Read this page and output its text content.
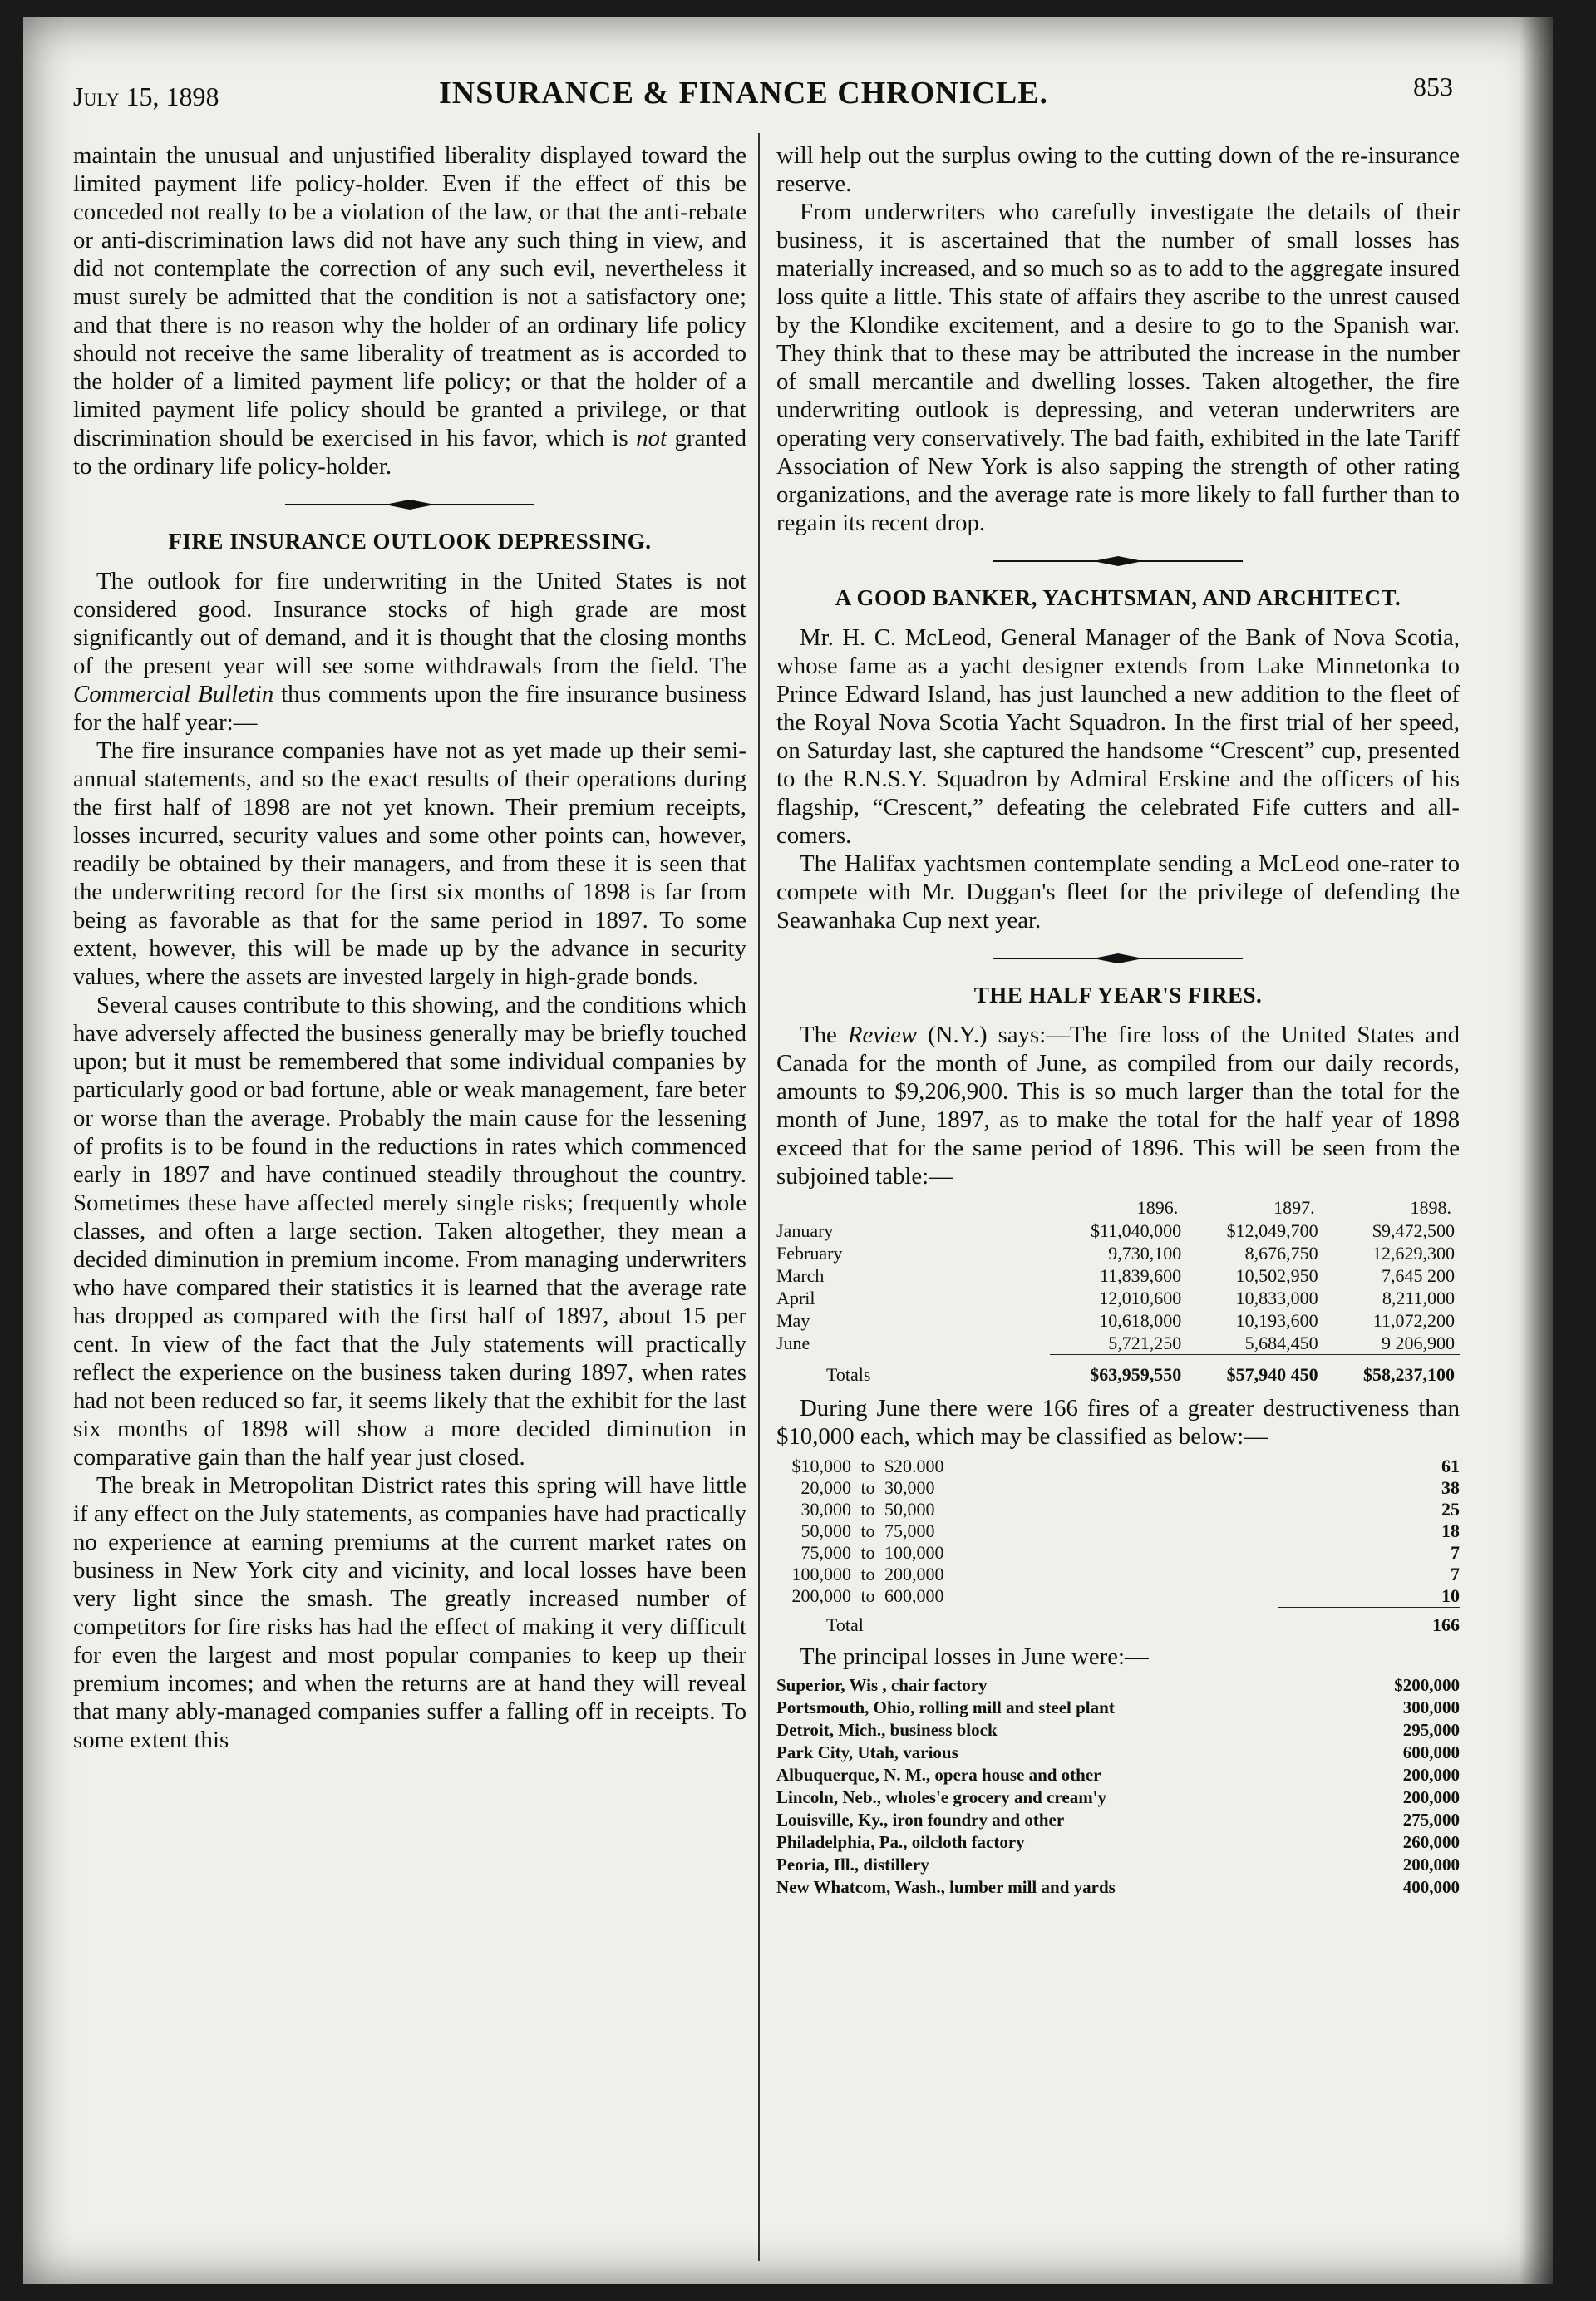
July 15, 1898	INSURANCE & FINANCE CHRONICLE.	853

maintain the unusual and unjustified liberality displayed toward the limited payment life policy-holder. Even if the effect of this be conceded not really to be a violation of the law, or that the anti-rebate or anti-discrimination laws did not have any such thing in view, and did not contemplate the correction of any such evil, nevertheless it must surely be admitted that the condition is not a satisfactory one; and that there is no reason why the holder of an ordinary life policy should not receive the same liberality of treatment as is accorded to the holder of a limited payment life policy; or that the holder of a limited payment life policy should be granted a privilege, or that discrimination should be exercised in his favor, which is not granted to the ordinary life policy-holder.

FIRE INSURANCE OUTLOOK DEPRESSING.

The outlook for fire underwriting in the United States is not considered good. Insurance stocks of high grade are most significantly out of demand, and it is thought that the closing months of the present year will see some withdrawals from the field. The Commercial Bulletin thus comments upon the fire insurance business for the half year:—

The fire insurance companies have not as yet made up their semi-annual statements, and so the exact results of their operations during the first half of 1898 are not yet known. Their premium receipts, losses incurred, security values and some other points can, however, readily be obtained by their managers, and from these it is seen that the underwriting record for the first six months of 1898 is far from being as favorable as that for the same period in 1897. To some extent, however, this will be made up by the advance in security values, where the assets are invested largely in high-grade bonds.

Several causes contribute to this showing, and the conditions which have adversely affected the business generally may be briefly touched upon; but it must be remembered that some individual companies by particularly good or bad fortune, able or weak management, fare beter or worse than the average. Probably the main cause for the lessening of profits is to be found in the reductions in rates which commenced early in 1897 and have continued steadily throughout the country. Sometimes these have affected merely single risks; frequently whole classes, and often a large section. Taken altogether, they mean a decided diminution in premium income. From managing underwriters who have compared their statistics it is learned that the average rate has dropped as compared with the first half of 1897, about 15 per cent. In view of the fact that the July statements will practically reflect the experience on the business taken during 1897, when rates had not been reduced so far, it seems likely that the exhibit for the last six months of 1898 will show a more decided diminution in comparative gain than the half year just closed.

The break in Metropolitan District rates this spring will have little if any effect on the July statements, as companies have had practically no experience at earning premiums at the current market rates on business in New York city and vicinity, and local losses have been very light since the smash. The greatly increased number of competitors for fire risks has had the effect of making it very difficult for even the largest and most popular companies to keep up their premium incomes; and when the returns are at hand they will reveal that many ably-managed companies suffer a falling off in receipts. To some extent this

will help out the surplus owing to the cutting down of the re-insurance reserve.

From underwriters who carefully investigate the details of their business, it is ascertained that the number of small losses has materially increased, and so much so as to add to the aggregate insured loss quite a little. This state of affairs they ascribe to the unrest caused by the Klondike excitement, and a desire to go to the Spanish war. They think that to these may be attributed the increase in the number of small mercantile and dwelling losses. Taken altogether, the fire underwriting outlook is depressing, and veteran underwriters are operating very conservatively. The bad faith, exhibited in the late Tariff Association of New York is also sapping the strength of other rating organizations, and the average rate is more likely to fall further than to regain its recent drop.

A GOOD BANKER, YACHTSMAN, AND ARCHITECT.

Mr. H. C. McLeod, General Manager of the Bank of Nova Scotia, whose fame as a yacht designer extends from Lake Minnetonka to Prince Edward Island, has just launched a new addition to the fleet of the Royal Nova Scotia Yacht Squadron. In the first trial of her speed, on Saturday last, she captured the handsome “Crescent” cup, presented to the R.N.S.Y. Squadron by Admiral Erskine and the officers of his flagship, “Crescent,” defeating the celebrated Fife cutters and all-comers.

The Halifax yachtsmen contemplate sending a McLeod one-rater to compete with Mr. Duggan's fleet for the privilege of defending the Seawanhaka Cup next year.

THE HALF YEAR'S FIRES.

The Review (N.Y.) says:—The fire loss of the United States and Canada for the month of June, as compiled from our daily records, amounts to $9,206,900. This is so much larger than the total for the month of June, 1897, as to make the total for the half year of 1898 exceed that for the same period of 1896. This will be seen from the subjoined table:—

	1896.	1897.	1898.
January	$11,040,000	$12,049,700	$9,472,500
February	9,730,100	8,676,750	12,629,300
March	11,839,600	10,502,950	7,645 200
April	12,010,600	10,833,000	8,211,000
May	10,618,000	10,193,600	11,072,200
June	5,721,250	5,684,450	9 206,900
Totals	$63,959,550	$57,940 450	$58,237,100

During June there were 166 fires of a greater destructiveness than $10,000 each, which may be classified as below:—

$10,000	to	$20.000	61
20,000	to	30,000	38
30,000	to	50,000	25
50,000	to	75,000	18
75,000	to	100,000	7
100,000	to	200,000	7
200,000	to	600,000	10
Total			166

The principal losses in June were:—

Superior, Wis , chair factory	$200,000
Portsmouth, Ohio, rolling mill and steel plant	300,000
Detroit, Mich., business block	295,000
Park City, Utah, various	600,000
Albuquerque, N. M., opera house and other	200,000
Lincoln, Neb., wholes'e grocery and cream'y	200,000
Louisville, Ky., iron foundry and other	275,000
Philadelphia, Pa., oilcloth factory	260,000
Peoria, Ill., distillery	200,000
New Whatcom, Wash., lumber mill and yards	400,000
